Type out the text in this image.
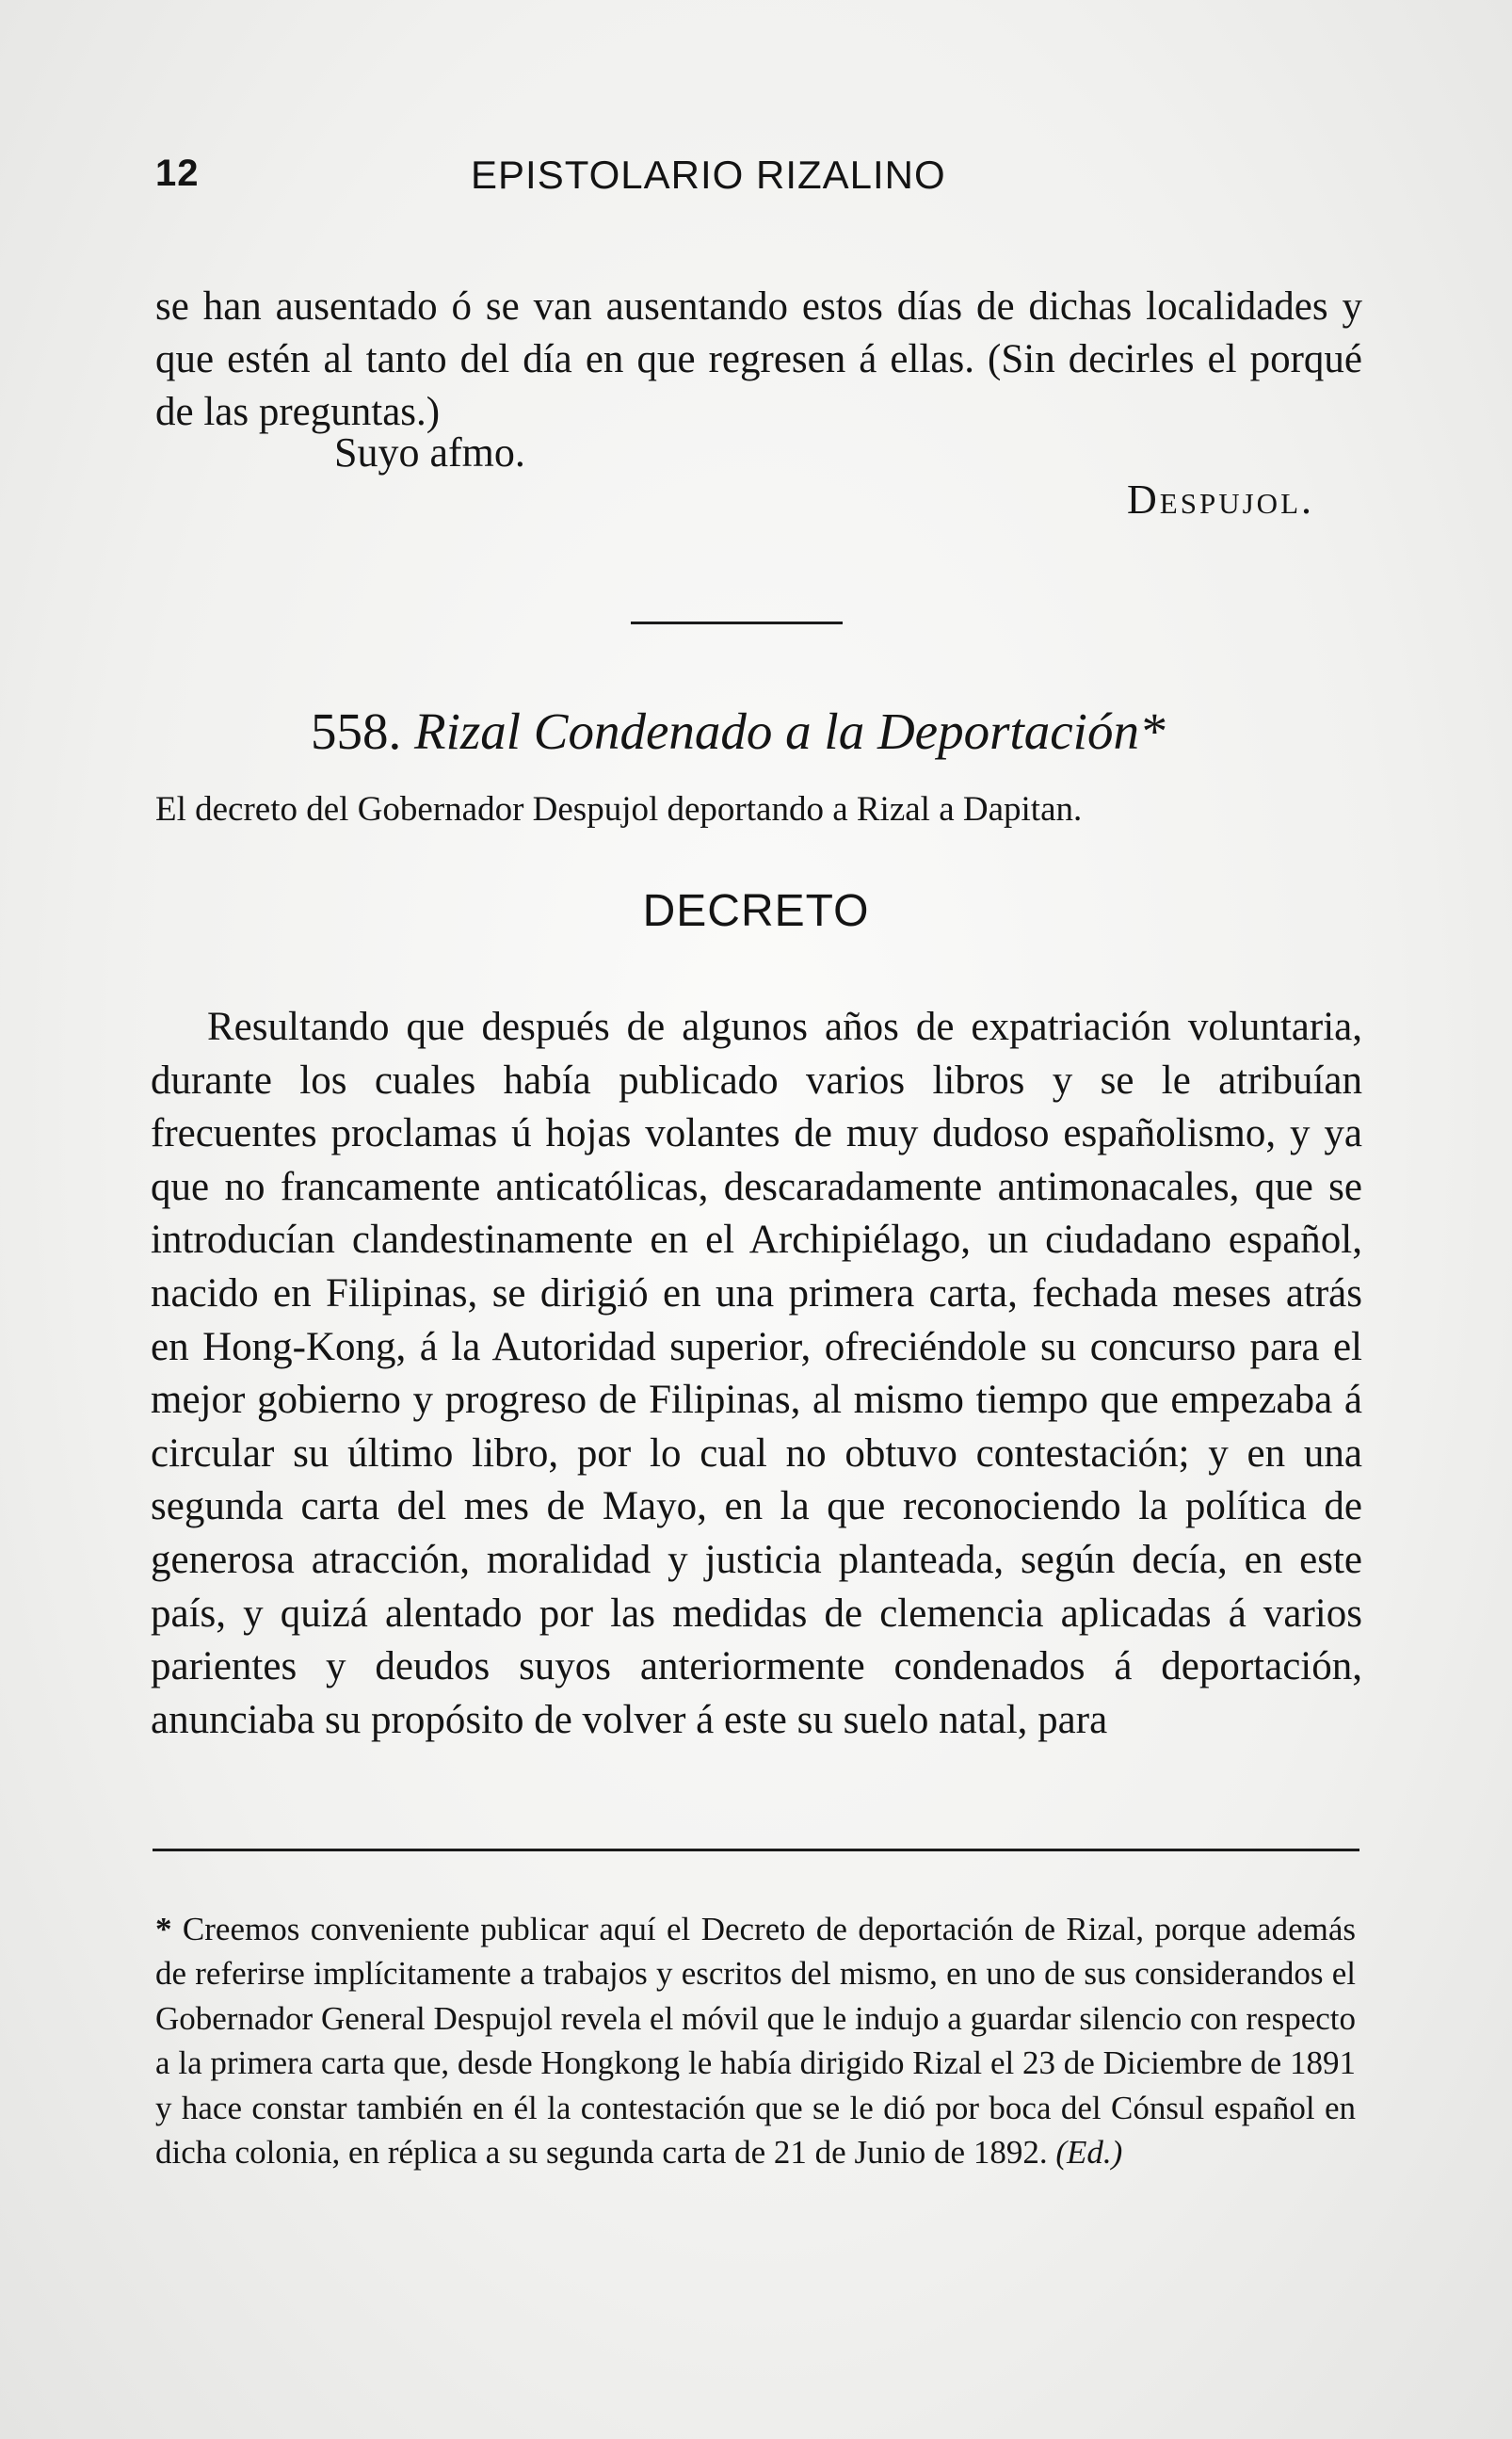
12	EPISTOLARIO RIZALINO

se han ausentado ó se van ausentando estos días de dichas localidades y que estén al tanto del día en que regresen á ellas. (Sin decirles el porqué de las preguntas.)

Suyo afmo.
Despujol.
558. Rizal Condenado a la Deportación*
El decreto del Gobernador Despujol deportando a Rizal a Dapitan.
DECRETO

Resultando que después de algunos años de expatriación voluntaria, durante los cuales había publicado varios libros y se le atribuían frecuentes proclamas ú hojas volantes de muy dudoso españolismo, y ya que no francamente anticatólicas, descaradamente antimonacales, que se introducían clandestinamente en el Archipiélago, un ciudadano español, nacido en Filipinas, se dirigió en una primera carta, fechada meses atrás en Hong-Kong, á la Autoridad superior, ofreciéndole su concurso para el mejor gobierno y progreso de Filipinas, al mismo tiempo que empezaba á circular su último libro, por lo cual no obtuvo contestación; y en una segunda carta del mes de Mayo, en la que reconociendo la política de generosa atracción, moralidad y justicia planteada, según decía, en este país, y quizá alentado por las medidas de clemencia aplicadas á varios parientes y deudos suyos anteriormente condenados á deportación, anunciaba su propósito de volver á este su suelo natal, para

* Creemos conveniente publicar aquí el Decreto de deportación de Rizal, porque además de referirse implícitamente a trabajos y escritos del mismo, en uno de sus considerandos el Gobernador General Despujol revela el móvil que le indujo a guardar silencio con respecto a la primera carta que, desde Hongkong le había dirigido Rizal el 23 de Diciembre de 1891 y hace constar también en él la contestación que se le dió por boca del Cónsul español en dicha colonia, en réplica a su segunda carta de 21 de Junio de 1892. (Ed.)
